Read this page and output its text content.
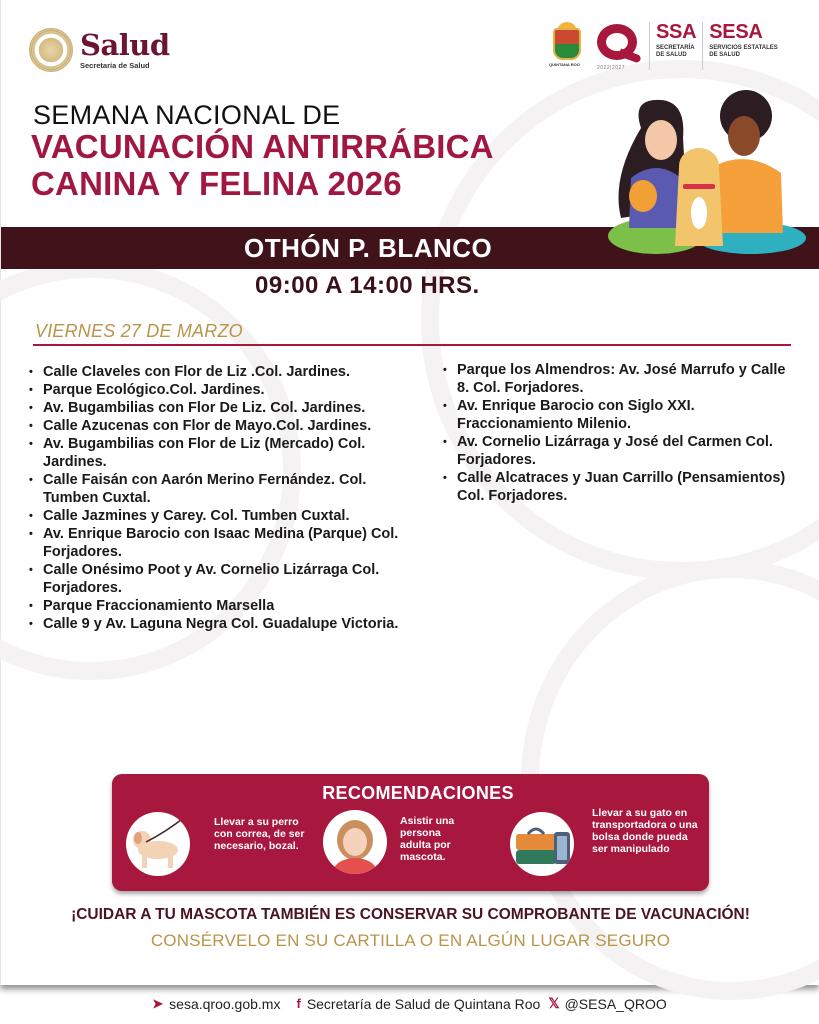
Salud
Secretaría de Salud	QUINTANA ROO
2022|2027
SSA
SECRETARÍA
DE SALUD
SESA
SERVICIOS ESTATALES
DE SALUD
SEMANA NACIONAL DE
VACUNACIÓN ANTIRRÁBICA
CANINA Y FELINA 2026
OTHÓN P. BLANCO
09:00 A 14:00 HRS.
VIERNES 27 DE MARZO
• Calle Claveles con Flor de Liz .Col. Jardines.
• Parque Ecológico.Col. Jardines.
• Av. Bugambilias con Flor De Liz. Col. Jardines.
• Calle Azucenas con Flor de Mayo.Col. Jardines.
• Av. Bugambilias con Flor de Liz (Mercado) Col. Jardines.
• Calle Faisán con Aarón Merino Fernández. Col. Tumben Cuxtal.
• Calle Jazmines y Carey. Col. Tumben Cuxtal.
• Av. Enrique Barocio con Isaac Medina (Parque) Col. Forjadores.
• Calle Onésimo Poot y Av. Cornelio Lizárraga Col. Forjadores.
• Parque Fraccionamiento Marsella
• Calle 9 y Av. Laguna Negra Col. Guadalupe Victoria.
• Parque los Almendros: Av. José Marrufo y Calle 8. Col. Forjadores.
• Av. Enrique Barocio con Siglo XXI. Fraccionamiento Milenio.
• Av. Cornelio Lizárraga y José del Carmen Col. Forjadores.
• Calle Alcatraces y Juan Carrillo (Pensamientos) Col. Forjadores.
RECOMENDACIONES
Llevar a su perro con correa, de ser necesario, bozal.
Asistir una persona adulta por mascota.
Llevar a su gato en transportadora o una bolsa donde pueda ser manipulado
¡CUIDAR A TU MASCOTA TAMBIÉN ES CONSERVAR SU COMPROBANTE DE VACUNACIÓN!
CONSÉRVELO EN SU CARTILLA O EN ALGÚN LUGAR SEGURO
➤ sesa.qroo.gob.mx f Secretaría de Salud de Quintana Roo 𝕏 @SESA_QROO
